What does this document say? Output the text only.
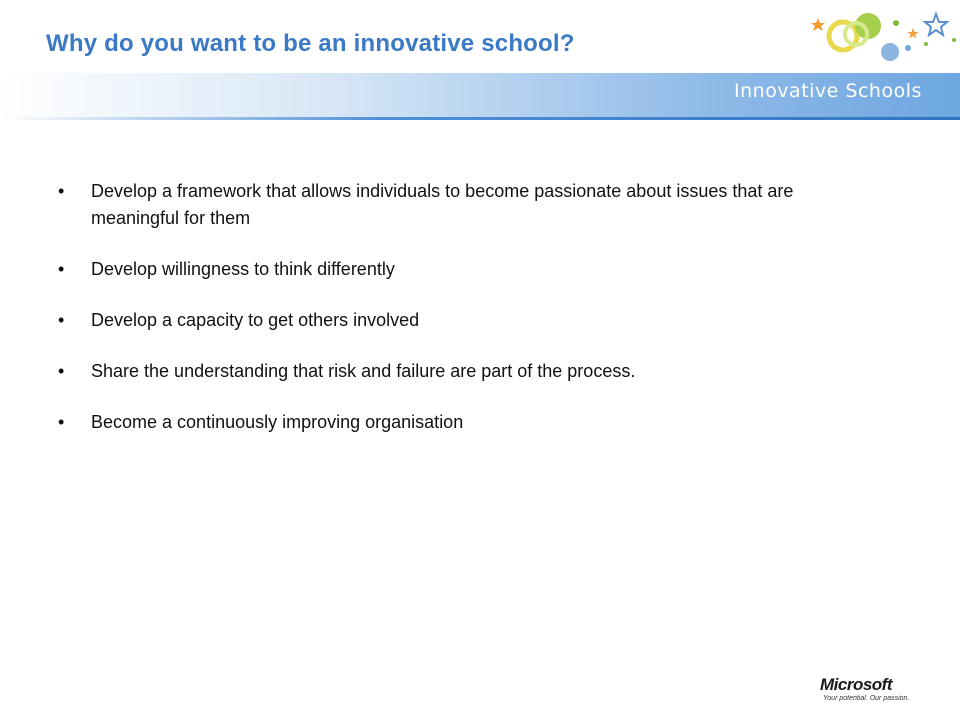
Why do you want to be an innovative school?
Innovative Schools
• Develop a framework that allows individuals to become passionate about issues that are meaningful for them
• Develop willingness to think differently
• Develop a capacity to get others involved
• Share the understanding that risk and failure are part of the process.
• Become a continuously improving organisation
Microsoft
Your potential. Our passion.
